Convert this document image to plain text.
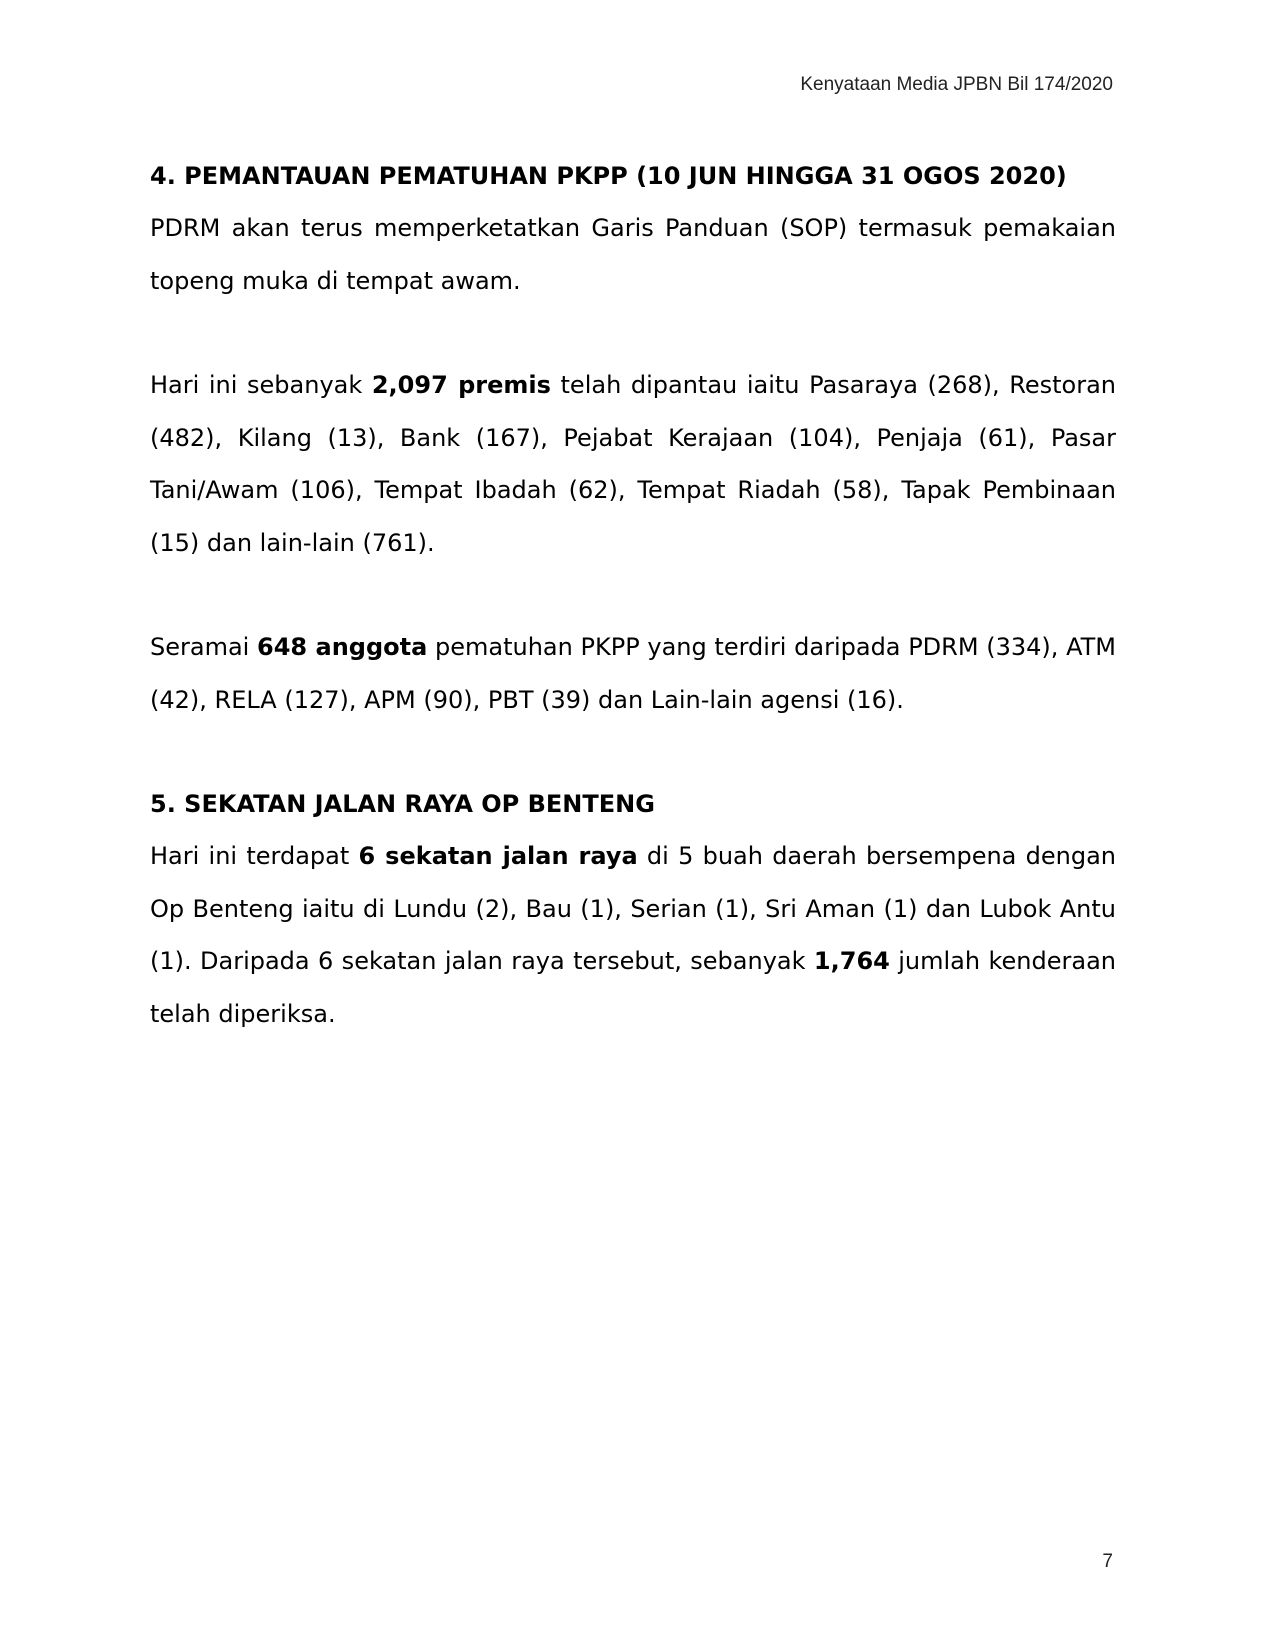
Kenyataan Media JPBN Bil 174/2020
4. PEMANTAUAN PEMATUHAN PKPP (10 JUN HINGGA 31 OGOS 2020)

PDRM akan terus memperketatkan Garis Panduan (SOP) termasuk pemakaian topeng muka di tempat awam.

Hari ini sebanyak 2,097 premis telah dipantau iaitu Pasaraya (268), Restoran (482), Kilang (13), Bank (167), Pejabat Kerajaan (104), Penjaja (61), Pasar Tani/Awam (106), Tempat Ibadah (62), Tempat Riadah (58), Tapak Pembinaan (15) dan lain-lain (761).

Seramai 648 anggota pematuhan PKPP yang terdiri daripada PDRM (334), ATM (42), RELA (127), APM (90), PBT (39) dan Lain-lain agensi (16).

5. SEKATAN JALAN RAYA OP BENTENG

Hari ini terdapat 6 sekatan jalan raya di 5 buah daerah bersempena dengan Op Benteng iaitu di Lundu (2), Bau (1), Serian (1), Sri Aman (1) dan Lubok Antu (1). Daripada 6 sekatan jalan raya tersebut, sebanyak 1,764 jumlah kenderaan telah diperiksa.

7
